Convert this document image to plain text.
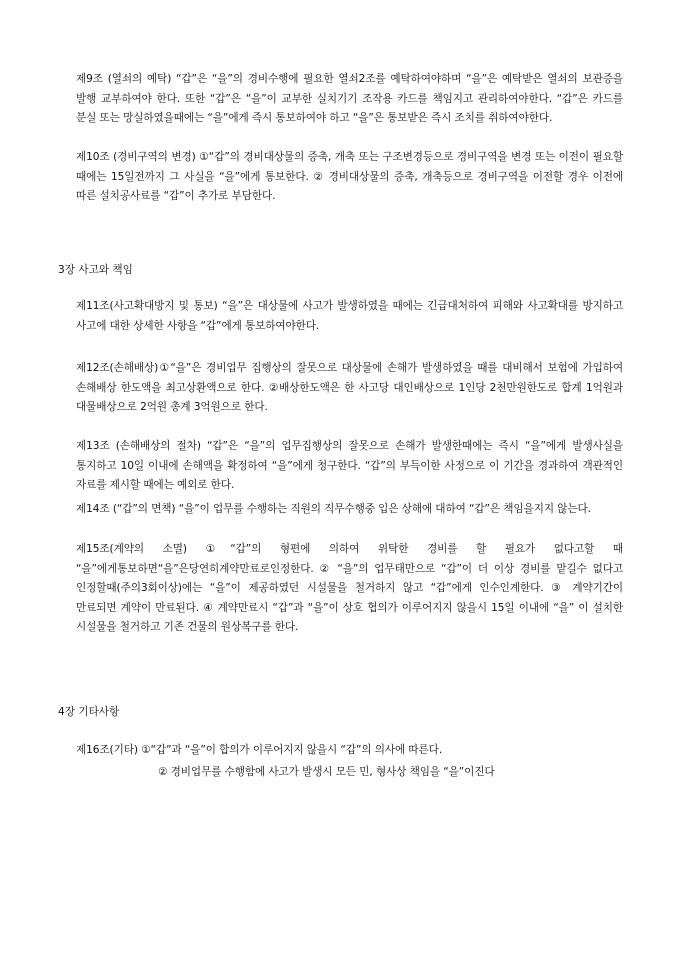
제9조 (열쇠의 예탁) “갑”은 “을”의 경비수행에 필요한 열쇠2조를 예탁하여야하며 “을”은 예탁받은 열쇠의 보관증을 발행 교부하여야 한다. 또한 “갑”은 “을”이 교부한 실치기기 조작용 카드를 책임지고 관리하여야한다. “갑”은 카드를 분실 또는 망실하였을때에는 “을”에게 즉시 통보하여야 하고 “을”은 통보받은 즉시 조치를 취하여야한다.

제10조 (경비구역의 변경) ①“갑”의 경비대상물의 증축, 개축 또는 구조변경등으로 경비구역을 변경 또는 이전이 필요할 때에는 15일전까지 그 사실을 “을”에게 통보한다. ② 경비대상물의 증축, 개축등으로 경비구역을 이전할 경우 이전에 따른 설치공사료를 “갑”이 추가로 부담한다.

3장 사고와 책임

제11조(사고확대방지 및 통보) “을”은 대상물에 사고가 발생하였을 때에는 긴급대처하여 피해와 사고확대를 방지하고 사고에 대한 상세한 사항을 “갑”에게 통보하여야한다.

제12조(손해배상)①“을”은 경비업무 집행상의 잘못으로 대상물에 손해가 발생하였을 때를 대비해서 보험에 가입하여 손해배상 한도액을 최고상환액으로 한다. ②배상한도액은 한 사고당 대인배상으로 1인당 2천만원한도로 합계 1억원과 대물배상으로 2억원 총계 3억원으로 한다.

제13조 (손해배상의 절차) “갑”은 “을”의 업무집행상의 잘못으로 손해가 발생한때에는 즉시 “을”에게 발생사실을 통지하고 10일 이내에 손해액을 확정하여 “을”에게 청구한다. “갑”의 부득이한 사정으로 이 기간을 경과하여 객관적인 자료를 제시할 때에는 예외로 한다.

제14조 (“갑”의 면책) “을”이 업무를 수행하는 직원의 직무수행중 입은 상해에 대하여 “갑”은 책임을지지 않는다.

제15조(계약의 소멸) ①“갑”의 형편에 의하여 위탁한 경비를 할 필요가 없다고할 때 “을”에게통보하면“을”은당연히계약만료로인정한다. ② “을”의 업무태만으로 “갑”이 더 이상 경비를 맡길수 없다고 인정할때(주의3회이상)에는 “을”이 제공하였던 시설물을 철거하지 않고 “갑”에게 인수인계한다. ③ 계약기간이 만료되면 계약이 만료된다. ④ 계약만료시 “갑”과 “을”이 상호 협의가 이루어지지 않을시 15일 이내에 “을” 이 설치한 시설물을 철거하고 기존 건물의 원상복구를 한다.

4장 기타사항

제16조(기타) ①“갑”과 “을”이 합의가 이루어지지 않을시 “갑”의 의사에 따른다.

② 경비업무를 수행함에 사고가 발생시 모든 민, 형사상 책임을 “을”이진다
